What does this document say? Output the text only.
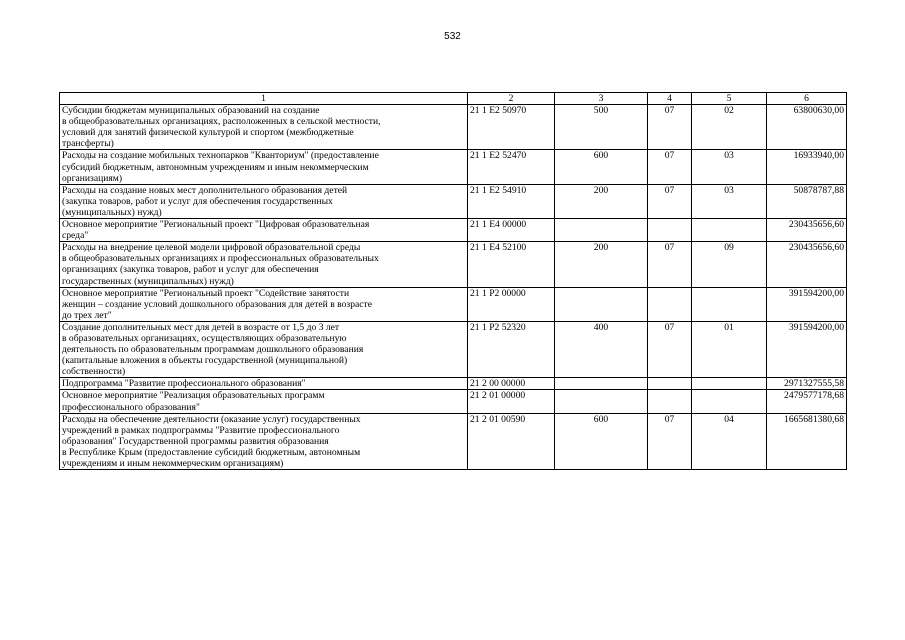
532
1	2	3	4	5	6

Субсидии бюджетам муниципальных образований на создание
в общеобразовательных организациях, расположенных в сельской местности,
условий для занятий физической культурой и спортом (межбюджетные
трансферты)	21 1 Е2 50970	500	07	02	63800630,00

Расходы на создание мобильных технопарков "Кванториум" (предоставление
субсидий бюджетным, автономным учреждениям и иным некоммерческим
организациям)	21 1 Е2 52470	600	07	03	16933940,00

Расходы на создание новых мест дополнительного образования детей
(закупка товаров, работ и услуг для обеспечения государственных
(муниципальных) нужд)	21 1 Е2 54910	200	07	03	50878787,88

Основное мероприятие "Региональный проект "Цифровая образовательная
среда"	21 1 Е4 00000				230435656,60

Расходы на внедрение целевой модели цифровой образовательной среды
в общеобразовательных организациях и профессиональных образовательных
организациях (закупка товаров, работ и услуг для обеспечения
государственных (муниципальных) нужд)	21 1 Е4 52100	200	07	09	230435656,60

Основное мероприятие "Региональный проект "Содействие занятости
женщин – создание условий дошкольного образования для детей в возрасте
до трех лет"	21 1 Р2 00000				391594200,00

Создание дополнительных мест для детей в возрасте от 1,5 до 3 лет
в образовательных организациях, осуществляющих образовательную
деятельность по образовательным программам дошкольного образования
(капитальные вложения в объекты государственной (муниципальной)
собственности)	21 1 Р2 52320	400	07	01	391594200,00

Подпрограмма "Развитие профессионального образования"	21 2 00 00000				2971327555,58

Основное мероприятие "Реализация образовательных программ
профессионального образования"	21 2 01 00000				2479577178,68

Расходы на обеспечение деятельности (оказание услуг) государственных
учреждений в рамках подпрограммы "Развитие профессионального
образования" Государственной программы развития образования
в Республике Крым (предоставление субсидий бюджетным, автономным
учреждениям и иным некоммерческим организациям)	21 2 01 00590	600	07	04	1665681380,68
